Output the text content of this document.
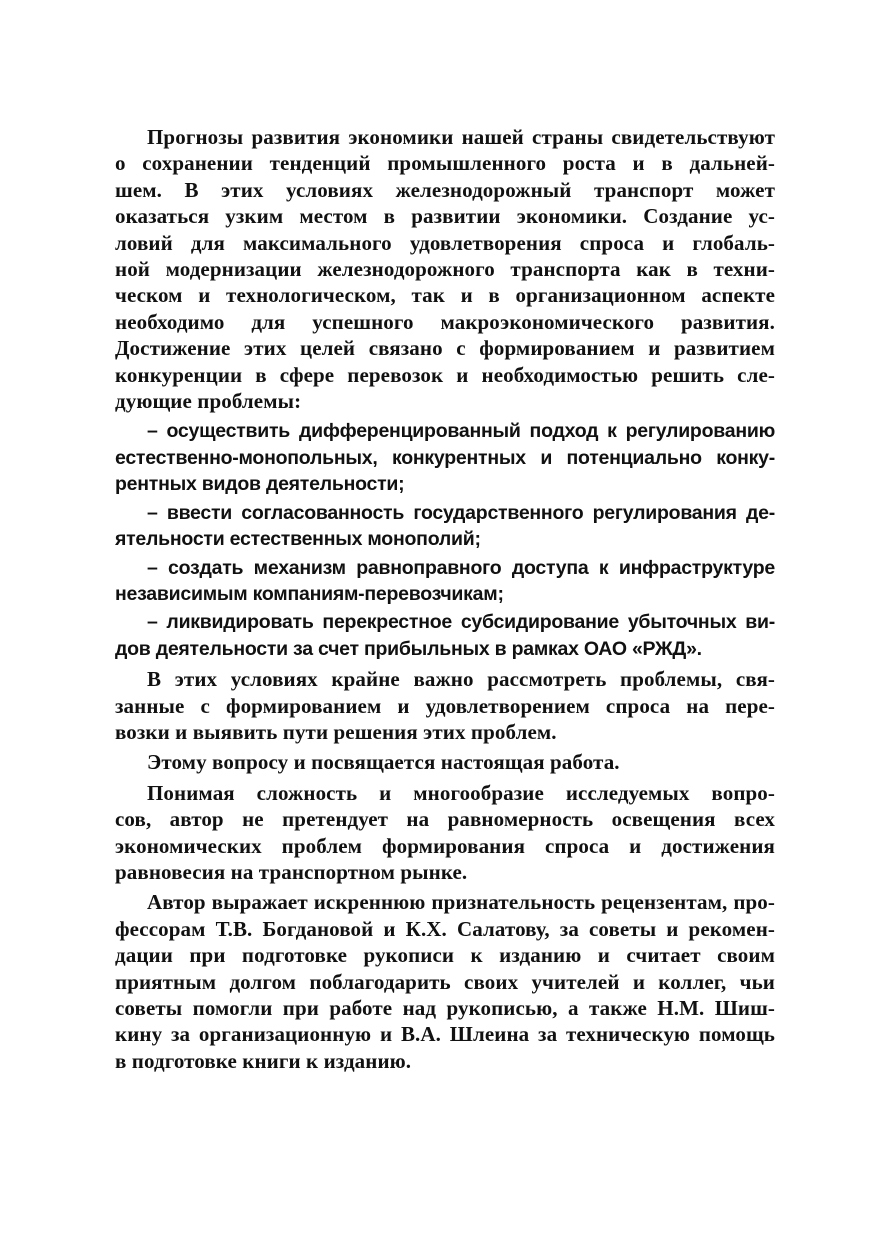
Прогнозы развития экономики нашей страны свидетельствуют
о сохранении тенденций промышленного роста и в дальней-
шем. В этих условиях железнодорожный транспорт может
оказаться узким местом в развитии экономики. Создание ус-
ловий для максимального удовлетворения спроса и глобаль-
ной модернизации железнодорожного транспорта как в техни-
ческом и технологическом, так и в организационном аспекте
необходимо для успешного макроэкономического развития.
Достижение этих целей связано с формированием и развитием
конкуренции в сфере перевозок и необходимостью решить сле-
дующие проблемы:
– осуществить дифференцированный подход к регулированию
естественно-монопольных, конкурентных и потенциально конку-
рентных видов деятельности;
– ввести согласованность государственного регулирования де-
ятельности естественных монополий;
– создать механизм равноправного доступа к инфраструктуре
независимым компаниям-перевозчикам;
– ликвидировать перекрестное субсидирование убыточных ви-
дов деятельности за счет прибыльных в рамках ОАО «РЖД».
В этих условиях крайне важно рассмотреть проблемы, свя-
занные с формированием и удовлетворением спроса на пере-
возки и выявить пути решения этих проблем.
Этому вопросу и посвящается настоящая работа.
Понимая сложность и многообразие исследуемых вопро-
сов, автор не претендует на равномерность освещения всех
экономических проблем формирования спроса и достижения
равновесия на транспортном рынке.
Автор выражает искреннюю признательность рецензентам, про-
фессорам Т.В. Богдановой и К.Х. Салатову, за советы и рекомен-
дации при подготовке рукописи к изданию и считает своим
приятным долгом поблагодарить своих учителей и коллег, чьи
советы помогли при работе над рукописью, а также Н.М. Шиш-
кину за организационную и В.А. Шлеина за техническую помощь
в подготовке книги к изданию.
